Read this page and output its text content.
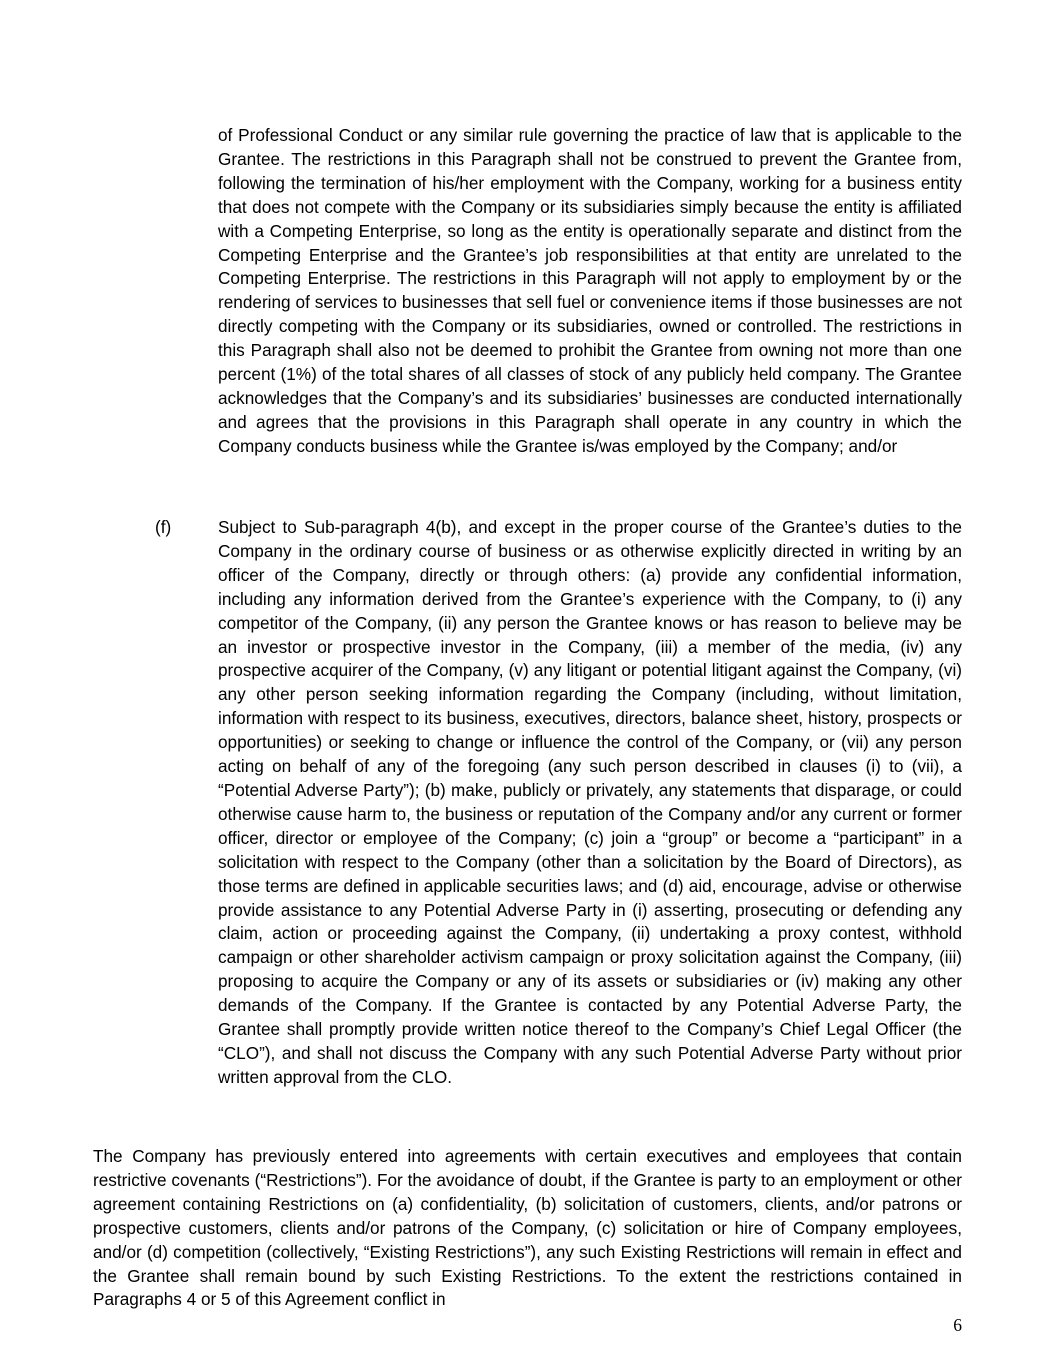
of Professional Conduct or any similar rule governing the practice of law that is applicable to the Grantee. The restrictions in this Paragraph shall not be construed to prevent the Grantee from, following the termination of his/her employment with the Company, working for a business entity that does not compete with the Company or its subsidiaries simply because the entity is affiliated with a Competing Enterprise, so long as the entity is operationally separate and distinct from the Competing Enterprise and the Grantee’s job responsibilities at that entity are unrelated to the Competing Enterprise. The restrictions in this Paragraph will not apply to employment by or the rendering of services to businesses that sell fuel or convenience items if those businesses are not directly competing with the Company or its subsidiaries, owned or controlled. The restrictions in this Paragraph shall also not be deemed to prohibit the Grantee from owning not more than one percent (1%) of the total shares of all classes of stock of any publicly held company. The Grantee acknowledges that the Company’s and its subsidiaries’ businesses are conducted internationally and agrees that the provisions in this Paragraph shall operate in any country in which the Company conducts business while the Grantee is/was employed by the Company; and/or

(f)	Subject to Sub-paragraph 4(b), and except in the proper course of the Grantee’s duties to the Company in the ordinary course of business or as otherwise explicitly directed in writing by an officer of the Company, directly or through others: (a) provide any confidential information, including any information derived from the Grantee’s experience with the Company, to (i) any competitor of the Company, (ii) any person the Grantee knows or has reason to believe may be an investor or prospective investor in the Company, (iii) a member of the media, (iv) any prospective acquirer of the Company, (v) any litigant or potential litigant against the Company, (vi) any other person seeking information regarding the Company (including, without limitation, information with respect to its business, executives, directors, balance sheet, history, prospects or opportunities) or seeking to change or influence the control of the Company, or (vii) any person acting on behalf of any of the foregoing (any such person described in clauses (i) to (vii), a “Potential Adverse Party”); (b) make, publicly or privately, any statements that disparage, or could otherwise cause harm to, the business or reputation of the Company and/or any current or former officer, director or employee of the Company; (c) join a “group” or become a “participant” in a solicitation with respect to the Company (other than a solicitation by the Board of Directors), as those terms are defined in applicable securities laws; and (d) aid, encourage, advise or otherwise provide assistance to any Potential Adverse Party in (i) asserting, prosecuting or defending any claim, action or proceeding against the Company, (ii) undertaking a proxy contest, withhold campaign or other shareholder activism campaign or proxy solicitation against the Company, (iii) proposing to acquire the Company or any of its assets or subsidiaries or (iv) making any other demands of the Company. If the Grantee is contacted by any Potential Adverse Party, the Grantee shall promptly provide written notice thereof to the Company’s Chief Legal Officer (the “CLO”), and shall not discuss the Company with any such Potential Adverse Party without prior written approval from the CLO.

The Company has previously entered into agreements with certain executives and employees that contain restrictive covenants (“Restrictions”). For the avoidance of doubt, if the Grantee is party to an employment or other agreement containing Restrictions on (a) confidentiality, (b) solicitation of customers, clients, and/or patrons or prospective customers, clients and/or patrons of the Company, (c) solicitation or hire of Company employees, and/or (d) competition (collectively, “Existing Restrictions”), any such Existing Restrictions will remain in effect and the Grantee shall remain bound by such Existing Restrictions. To the extent the restrictions contained in Paragraphs 4 or 5 of this Agreement conflict in

6
